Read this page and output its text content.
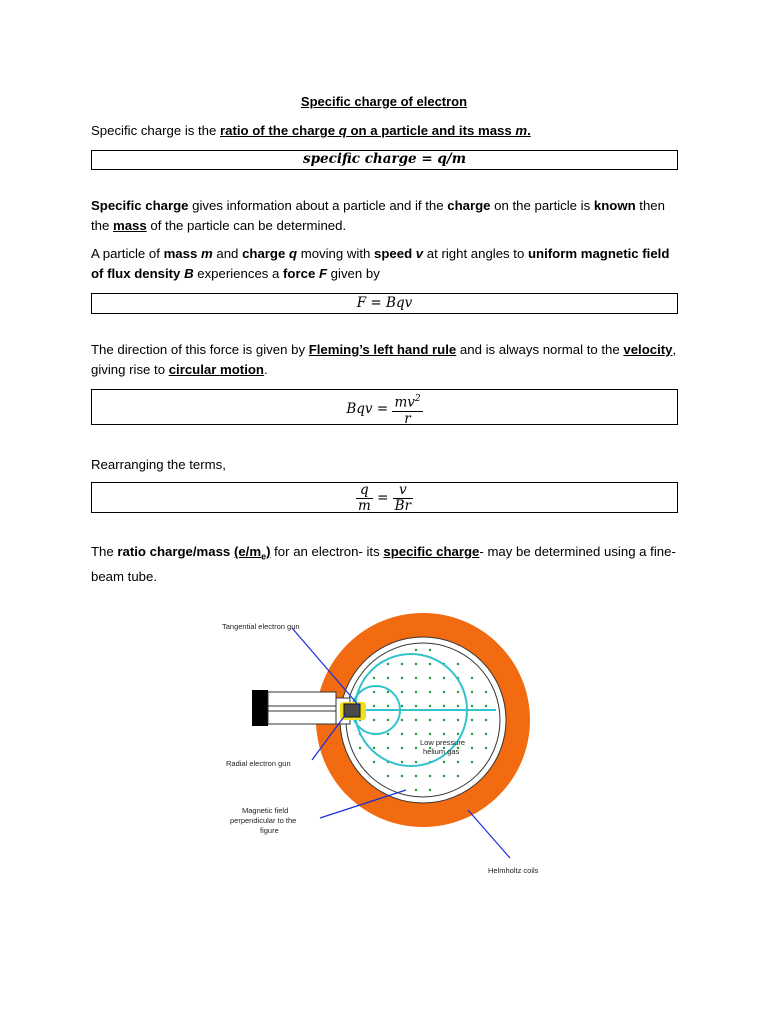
Specific charge of electron
Specific charge is the ratio of the charge q on a particle and its mass m.
specific charge = q/m
Specific charge gives information about a particle and if the charge on the particle is known then the mass of the particle can be determined.
A particle of mass m and charge q moving with speed v at right angles to uniform magnetic field of flux density B experiences a force F given by
F = Bqv
The direction of this force is given by Fleming’s left hand rule and is always normal to the velocity,
giving rise to circular motion.
Bqv = $\frac{mv^2}{r}$
Rearranging the terms,
$\frac{q}{m} = \frac{v}{Br}$
The ratio charge/mass $(e/m_e)$ for an electron- its specific charge- may be determined using a fine-beam tube.
Tangential electron gun
Radial electron gun
Low pressure
helium gas
Magnetic field
perpendicular to the
figure
Helmholtz coils
